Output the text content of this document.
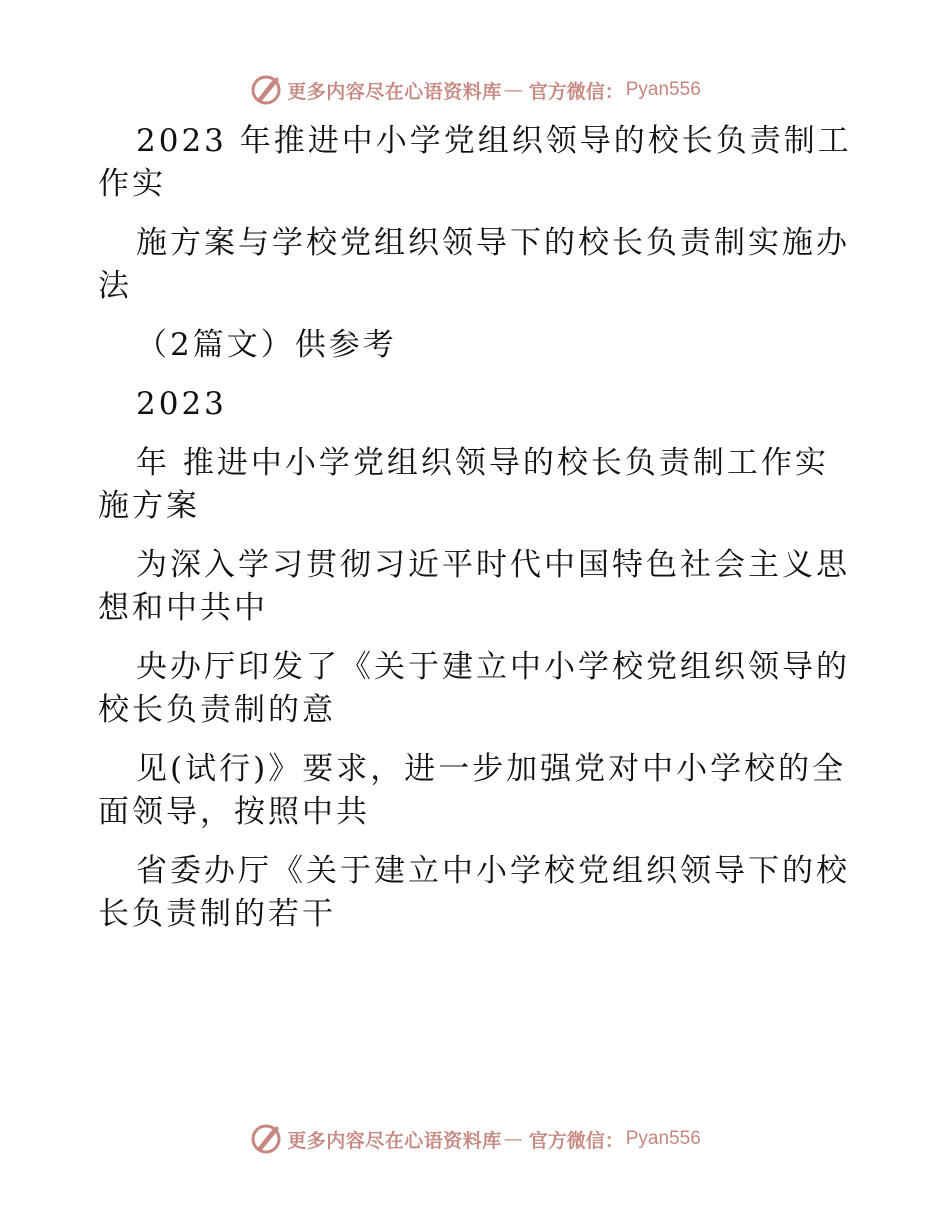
更多内容尽在心语资料库 — 官方微信： Pyan556
2023 年推进中小学党组织领导的校长负责制工
作实
施方案与学校党组织领导下的校长负责制实施办
法
（2篇文）供参考
2023
年 推进中小学党组织领导的校长负责制工作实
施方案
为深入学习贯彻习近平时代中国特色社会主义思
想和中共中
央办厅印发了《关于建立中小学校党组织领导的
校长负责制的意
见(试行)》要求，进一步加强党对中小学校的全
面领导，按照中共
省委办厅《关于建立中小学校党组织领导下的校
长负责制的若干
更多内容尽在心语资料库 — 官方微信： Pyan556
